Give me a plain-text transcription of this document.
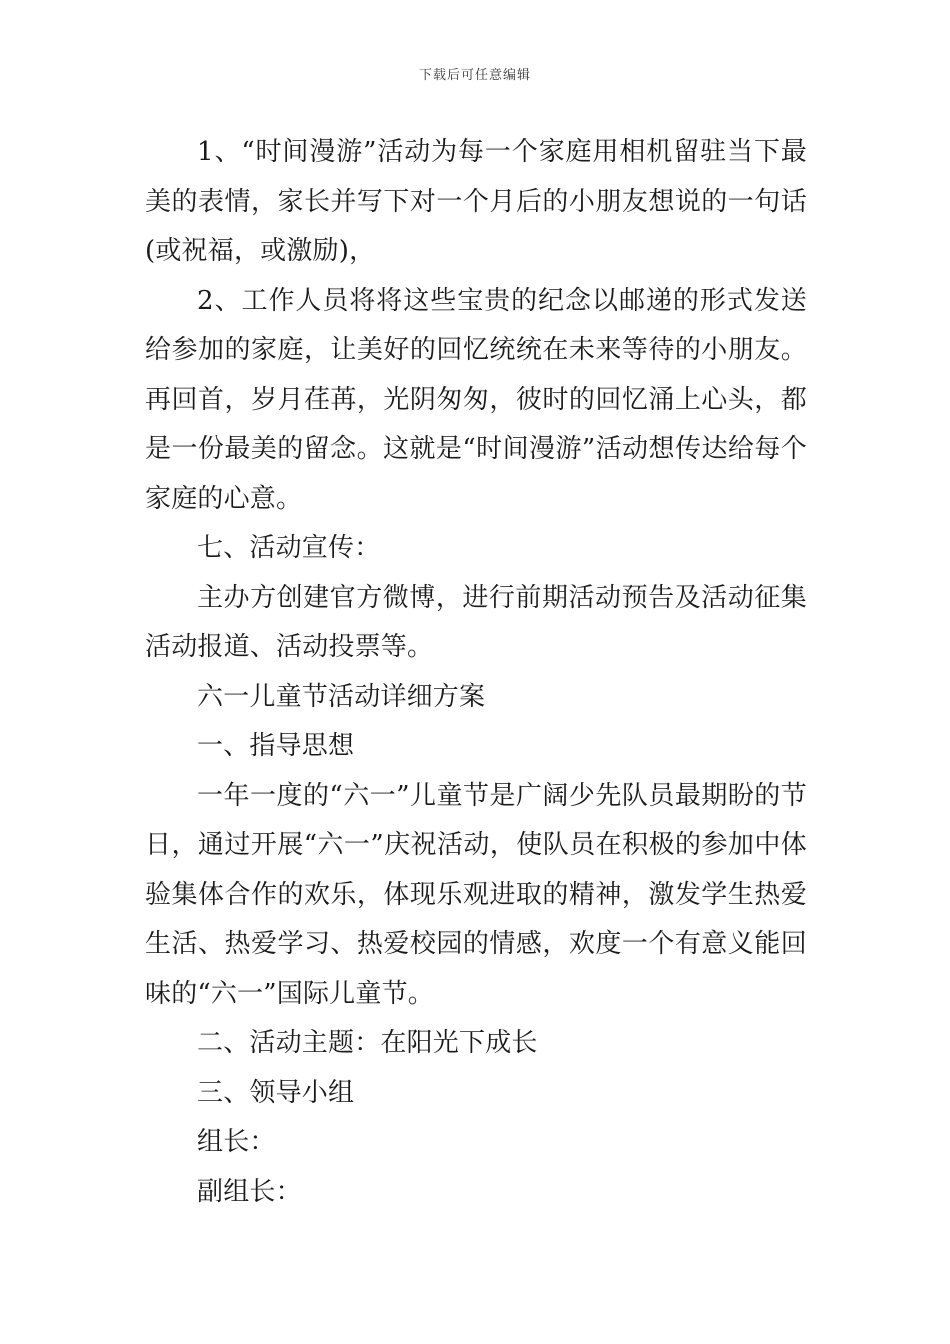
下载后可任意编辑

1、“时间漫游”活动为每一个家庭用相机留驻当下最美的表情，家长并写下对一个月后的小朋友想说的一句话(或祝福，或激励)，

2、工作人员将将这些宝贵的纪念以邮递的形式发送给参加的家庭，让美好的回忆统统在未来等待的小朋友。再回首，岁月荏苒，光阴匆匆，彼时的回忆涌上心头，都是一份最美的留念。这就是“时间漫游”活动想传达给每个家庭的心意。

七、活动宣传：

主办方创建官方微博，进行前期活动预告及活动征集活动报道、活动投票等。

六一儿童节活动详细方案

一、指导思想

一年一度的“六一”儿童节是广阔少先队员最期盼的节日，通过开展“六一”庆祝活动，使队员在积极的参加中体验集体合作的欢乐，体现乐观进取的精神，激发学生热爱生活、热爱学习、热爱校园的情感，欢度一个有意义能回味的“六一”国际儿童节。

二、活动主题：在阳光下成长

三、领导小组

组长：

副组长：
